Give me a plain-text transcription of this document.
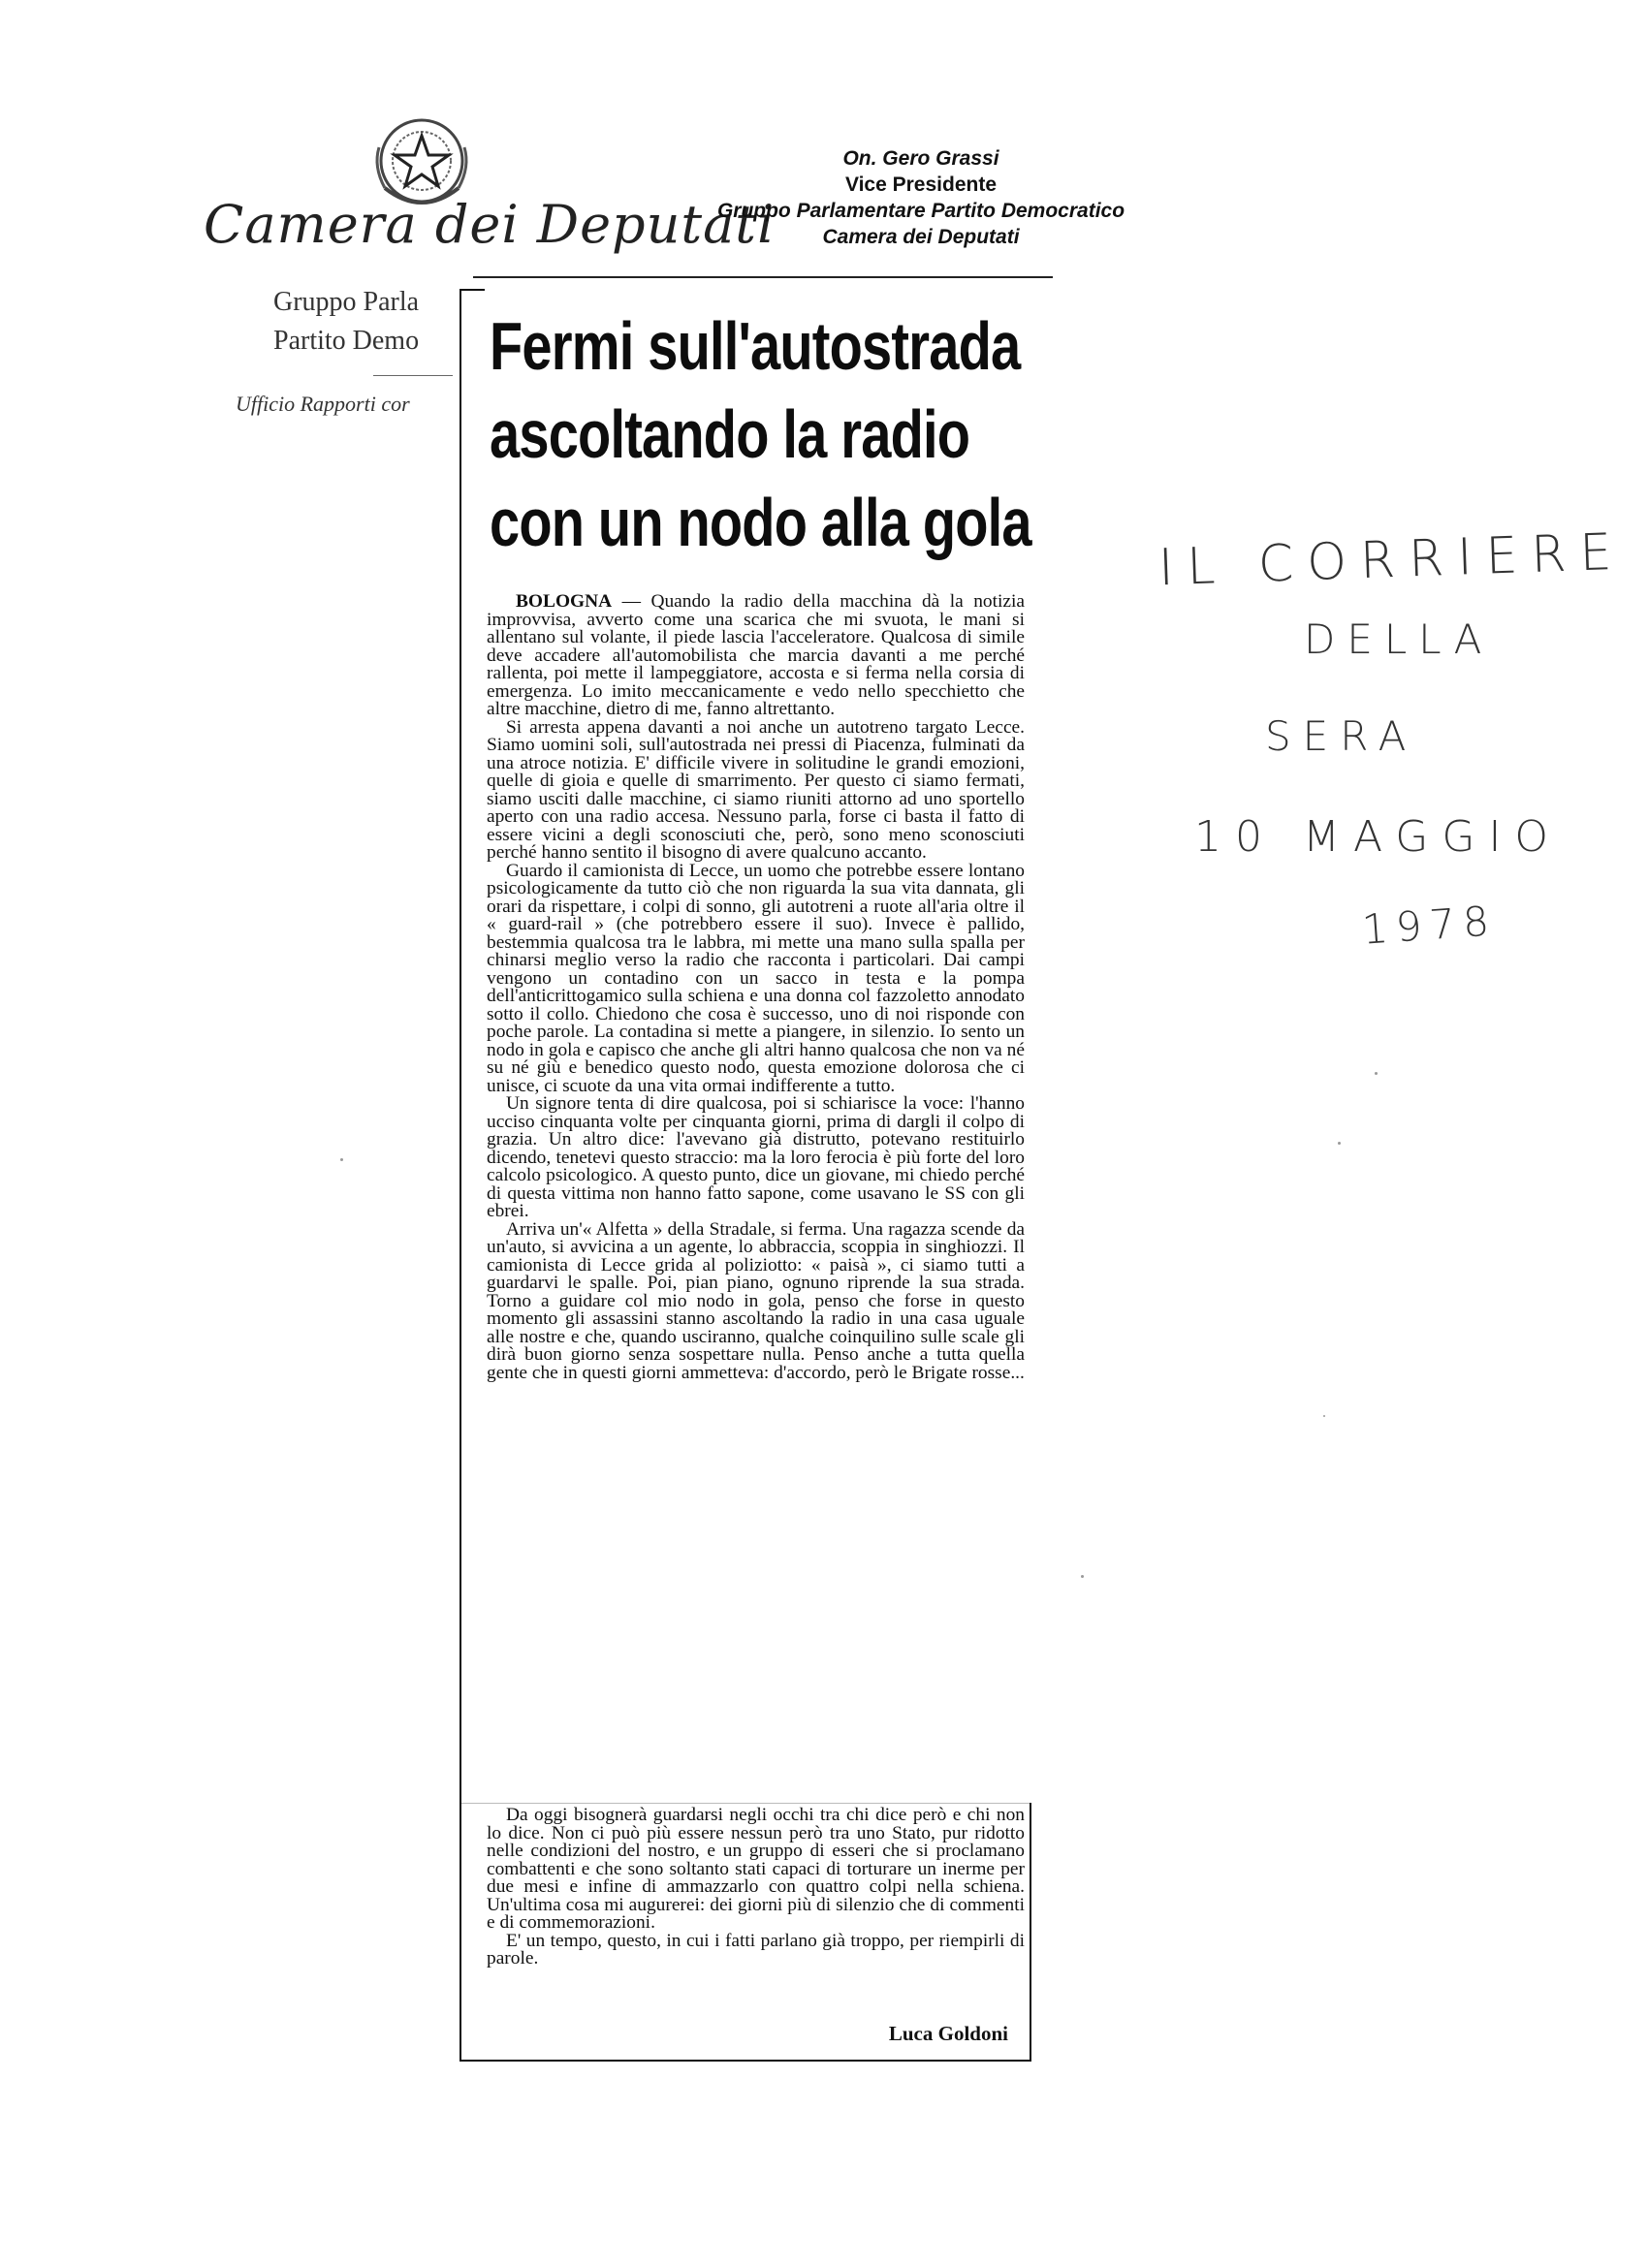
Camera dei Deputati
Gruppo Parla
Partito Demo
Ufficio Rapporti cor
On. Gero Grassi
Vice Presidente
Gruppo Parlamentare Partito Democratico
Camera dei Deputati
Fermi sull'autostrada
ascoltando la radio
con un nodo alla gola

BOLOGNA — Quando la radio della macchina dà la notizia improvvisa, avverto come una scarica che mi svuota, le mani si allentano sul volante, il piede lascia l'acceleratore. Qualcosa di simile deve accadere all'automobilista che marcia davanti a me perché rallenta, poi mette il lampeggiatore, accosta e si ferma nella corsia di emergenza. Lo imito meccanicamente e vedo nello specchietto che altre macchine, dietro di me, fanno altrettanto.

Si arresta appena davanti a noi anche un autotreno targato Lecce. Siamo uomini soli, sull'autostrada nei pressi di Piacenza, fulminati da una atroce notizia. E' difficile vivere in solitudine le grandi emozioni, quelle di gioia e quelle di smarrimento. Per questo ci siamo fermati, siamo usciti dalle macchine, ci siamo riuniti attorno ad uno sportello aperto con una radio accesa. Nessuno parla, forse ci basta il fatto di essere vicini a degli sconosciuti che, però, sono meno sconosciuti perché hanno sentito il bisogno di avere qualcuno accanto.

Guardo il camionista di Lecce, un uomo che potrebbe essere lontano psicologicamente da tutto ciò che non riguarda la sua vita dannata, gli orari da rispettare, i colpi di sonno, gli autotreni a ruote all'aria oltre il « guard-rail » (che potrebbero essere il suo). Invece è pallido, bestemmia qualcosa tra le labbra, mi mette una mano sulla spalla per chinarsi meglio verso la radio che racconta i particolari. Dai campi vengono un contadino con un sacco in testa e la pompa dell'anticrittogamico sulla schiena e una donna col fazzoletto annodato sotto il collo. Chiedono che cosa è successo, uno di noi risponde con poche parole. La contadina si mette a piangere, in silenzio. Io sento un nodo in gola e capisco che anche gli altri hanno qualcosa che non va né su né giù e benedico questo nodo, questa emozione dolorosa che ci unisce, ci scuote da una vita ormai indifferente a tutto.

Un signore tenta di dire qualcosa, poi si schiarisce la voce: l'hanno ucciso cinquanta volte per cinquanta giorni, prima di dargli il colpo di grazia. Un altro dice: l'avevano già distrutto, potevano restituirlo dicendo, tenetevi questo straccio: ma la loro ferocia è più forte del loro calcolo psicologico. A questo punto, dice un giovane, mi chiedo perché di questa vittima non hanno fatto sapone, come usavano le SS con gli ebrei.

Arriva un'« Alfetta » della Stradale, si ferma. Una ragazza scende da un'auto, si avvicina a un agente, lo abbraccia, scoppia in singhiozzi. Il camionista di Lecce grida al poliziotto: « paisà », ci siamo tutti a guardarvi le spalle. Poi, pian piano, ognuno riprende la sua strada. Torno a guidare col mio nodo in gola, penso che forse in questo momento gli assassini stanno ascoltando la radio in una casa uguale alle nostre e che, quando usciranno, qualche coinquilino sulle scale gli dirà buon giorno senza sospettare nulla. Penso anche a tutta quella gente che in questi giorni ammetteva: d'accordo, però le Brigate rosse...

Da oggi bisognerà guardarsi negli occhi tra chi dice però e chi non lo dice. Non ci può più essere nessun però tra uno Stato, pur ridotto nelle condizioni del nostro, e un gruppo di esseri che si proclamano combattenti e che sono soltanto stati capaci di torturare un inerme per due mesi e infine di ammazzarlo con quattro colpi nella schiena. Un'ultima cosa mi augurerei: dei giorni più di silenzio che di commenti e di commemorazioni.

E' un tempo, questo, in cui i fatti parlano già troppo, per riempirli di parole.

Luca Goldoni
IL CORRIERE
DELLA
SERA
10 MAGGIO
1978
